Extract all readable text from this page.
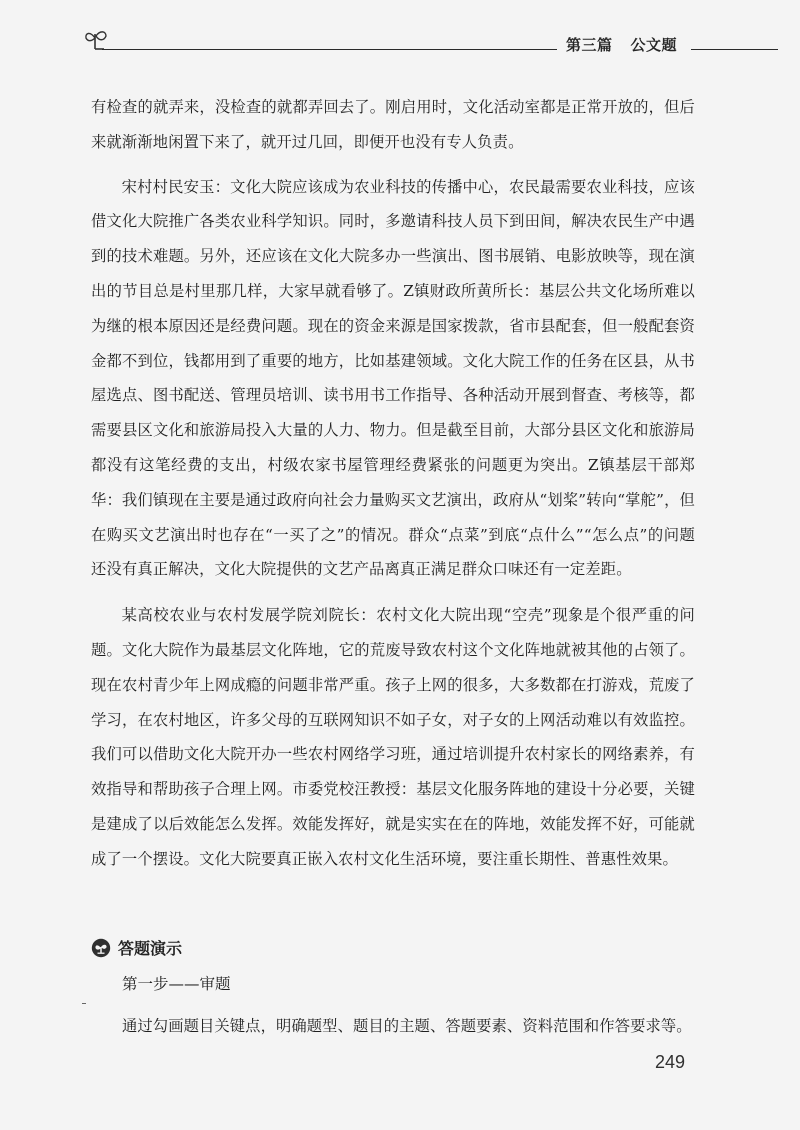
第三篇 公文题

有检查的就弄来，没检查的就都弄回去了。刚启用时，文化活动室都是正常开放的，但后来就渐渐地闲置下来了，就开过几回，即便开也没有专人负责。

宋村村民安玉：文化大院应该成为农业科技的传播中心，农民最需要农业科技，应该借文化大院推广各类农业科学知识。同时，多邀请科技人员下到田间，解决农民生产中遇到的技术难题。另外，还应该在文化大院多办一些演出、图书展销、电影放映等，现在演出的节目总是村里那几样，大家早就看够了。Z镇财政所黄所长：基层公共文化场所难以为继的根本原因还是经费问题。现在的资金来源是国家拨款，省市县配套，但一般配套资金都不到位，钱都用到了重要的地方，比如基建领域。文化大院工作的任务在区县，从书屋选点、图书配送、管理员培训、读书用书工作指导、各种活动开展到督查、考核等，都需要县区文化和旅游局投入大量的人力、物力。但是截至目前，大部分县区文化和旅游局都没有这笔经费的支出，村级农家书屋管理经费紧张的问题更为突出。Z镇基层干部郑华：我们镇现在主要是通过政府向社会力量购买文艺演出，政府从“划桨”转向“掌舵”，但在购买文艺演出时也存在“一买了之”的情况。群众“点菜”到底“点什么”“怎么点”的问题还没有真正解决，文化大院提供的文艺产品离真正满足群众口味还有一定差距。

某高校农业与农村发展学院刘院长：农村文化大院出现“空壳”现象是个很严重的问题。文化大院作为最基层文化阵地，它的荒废导致农村这个文化阵地就被其他的占领了。现在农村青少年上网成瘾的问题非常严重。孩子上网的很多，大多数都在打游戏，荒废了学习，在农村地区，许多父母的互联网知识不如子女，对子女的上网活动难以有效监控。我们可以借助文化大院开办一些农村网络学习班，通过培训提升农村家长的网络素养，有效指导和帮助孩子合理上网。市委党校汪教授：基层文化服务阵地的建设十分必要，关键是建成了以后效能怎么发挥。效能发挥好，就是实实在在的阵地，效能发挥不好，可能就成了一个摆设。文化大院要真正嵌入农村文化生活环境，要注重长期性、普惠性效果。

答题演示
第一步——审题
通过勾画题目关键点，明确题型、题目的主题、答题要素、资料范围和作答要求等。
249
